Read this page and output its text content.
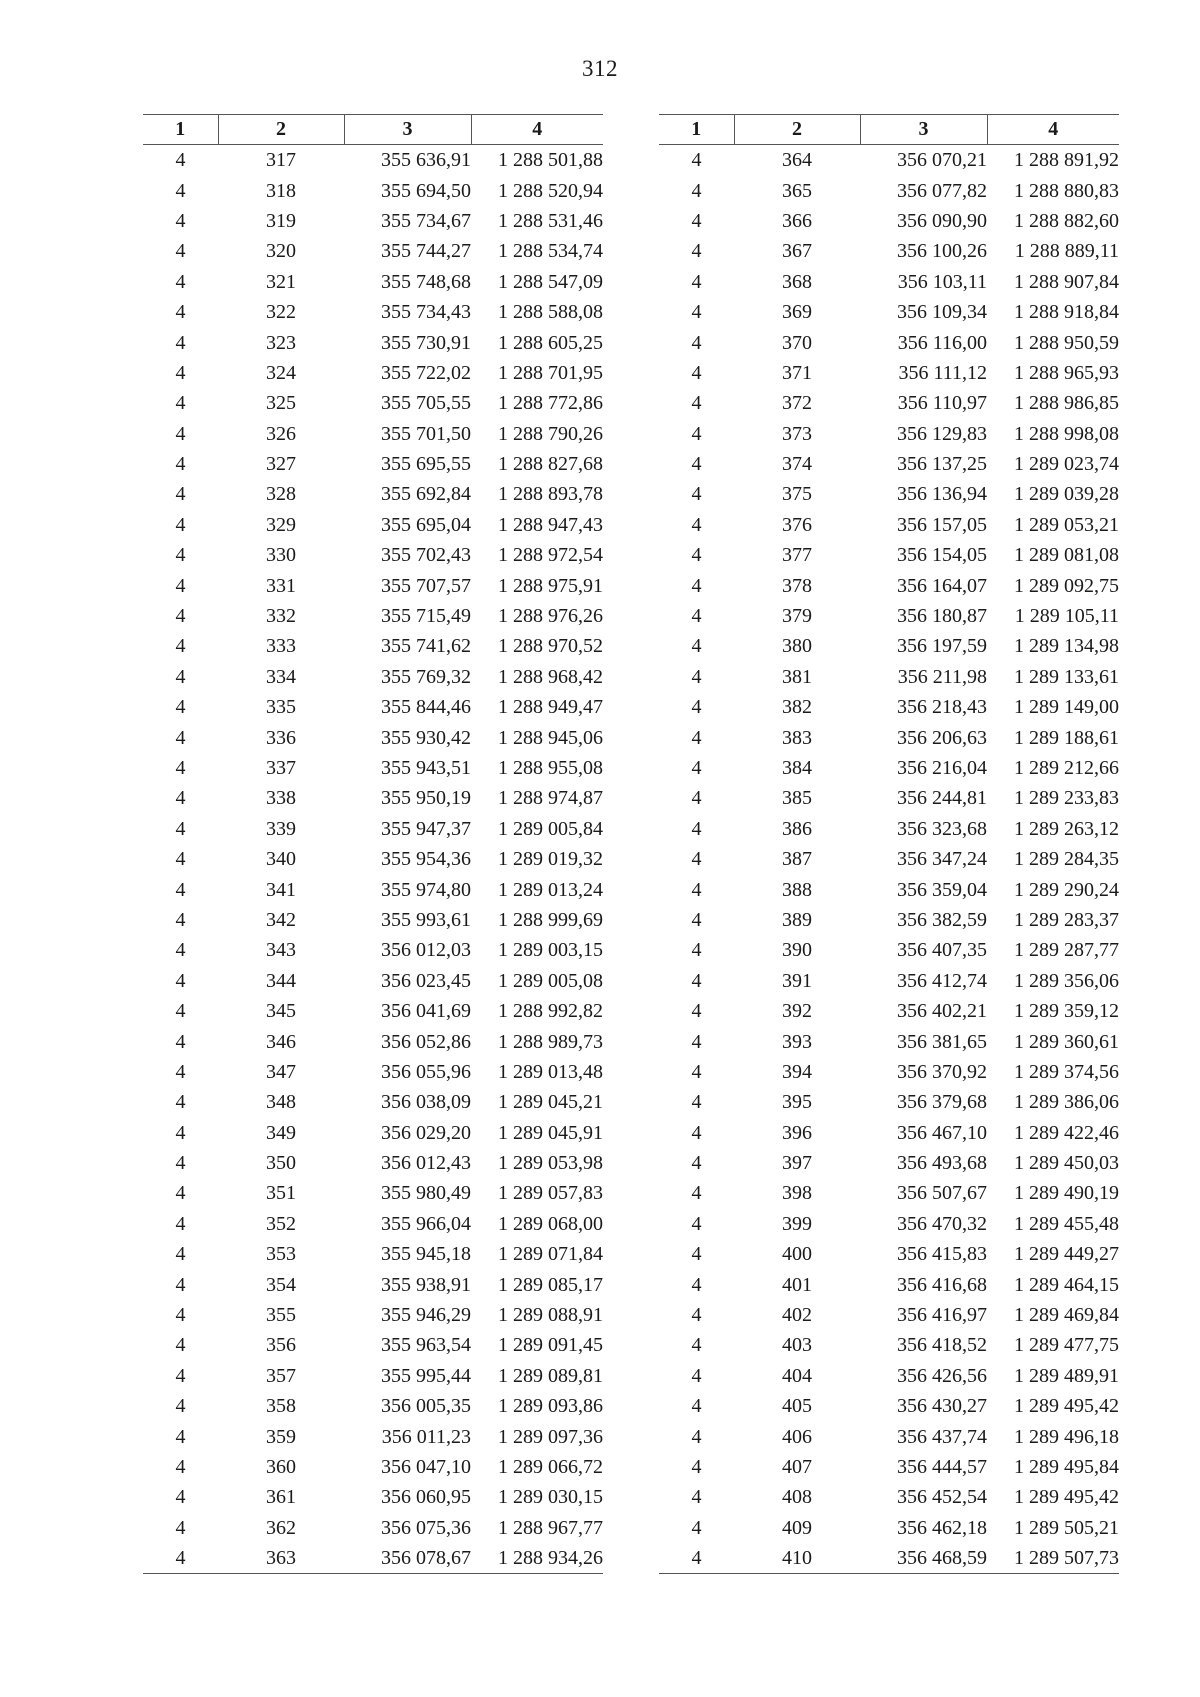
312
1	2	3	4
4	317	355 636,91	1 288 501,88
4	318	355 694,50	1 288 520,94
4	319	355 734,67	1 288 531,46
4	320	355 744,27	1 288 534,74
4	321	355 748,68	1 288 547,09
4	322	355 734,43	1 288 588,08
4	323	355 730,91	1 288 605,25
4	324	355 722,02	1 288 701,95
4	325	355 705,55	1 288 772,86
4	326	355 701,50	1 288 790,26
4	327	355 695,55	1 288 827,68
4	328	355 692,84	1 288 893,78
4	329	355 695,04	1 288 947,43
4	330	355 702,43	1 288 972,54
4	331	355 707,57	1 288 975,91
4	332	355 715,49	1 288 976,26
4	333	355 741,62	1 288 970,52
4	334	355 769,32	1 288 968,42
4	335	355 844,46	1 288 949,47
4	336	355 930,42	1 288 945,06
4	337	355 943,51	1 288 955,08
4	338	355 950,19	1 288 974,87
4	339	355 947,37	1 289 005,84
4	340	355 954,36	1 289 019,32
4	341	355 974,80	1 289 013,24
4	342	355 993,61	1 288 999,69
4	343	356 012,03	1 289 003,15
4	344	356 023,45	1 289 005,08
4	345	356 041,69	1 288 992,82
4	346	356 052,86	1 288 989,73
4	347	356 055,96	1 289 013,48
4	348	356 038,09	1 289 045,21
4	349	356 029,20	1 289 045,91
4	350	356 012,43	1 289 053,98
4	351	355 980,49	1 289 057,83
4	352	355 966,04	1 289 068,00
4	353	355 945,18	1 289 071,84
4	354	355 938,91	1 289 085,17
4	355	355 946,29	1 289 088,91
4	356	355 963,54	1 289 091,45
4	357	355 995,44	1 289 089,81
4	358	356 005,35	1 289 093,86
4	359	356 011,23	1 289 097,36
4	360	356 047,10	1 289 066,72
4	361	356 060,95	1 289 030,15
4	362	356 075,36	1 288 967,77
4	363	356 078,67	1 288 934,26
1	2	3	4
4	364	356 070,21	1 288 891,92
4	365	356 077,82	1 288 880,83
4	366	356 090,90	1 288 882,60
4	367	356 100,26	1 288 889,11
4	368	356 103,11	1 288 907,84
4	369	356 109,34	1 288 918,84
4	370	356 116,00	1 288 950,59
4	371	356 111,12	1 288 965,93
4	372	356 110,97	1 288 986,85
4	373	356 129,83	1 288 998,08
4	374	356 137,25	1 289 023,74
4	375	356 136,94	1 289 039,28
4	376	356 157,05	1 289 053,21
4	377	356 154,05	1 289 081,08
4	378	356 164,07	1 289 092,75
4	379	356 180,87	1 289 105,11
4	380	356 197,59	1 289 134,98
4	381	356 211,98	1 289 133,61
4	382	356 218,43	1 289 149,00
4	383	356 206,63	1 289 188,61
4	384	356 216,04	1 289 212,66
4	385	356 244,81	1 289 233,83
4	386	356 323,68	1 289 263,12
4	387	356 347,24	1 289 284,35
4	388	356 359,04	1 289 290,24
4	389	356 382,59	1 289 283,37
4	390	356 407,35	1 289 287,77
4	391	356 412,74	1 289 356,06
4	392	356 402,21	1 289 359,12
4	393	356 381,65	1 289 360,61
4	394	356 370,92	1 289 374,56
4	395	356 379,68	1 289 386,06
4	396	356 467,10	1 289 422,46
4	397	356 493,68	1 289 450,03
4	398	356 507,67	1 289 490,19
4	399	356 470,32	1 289 455,48
4	400	356 415,83	1 289 449,27
4	401	356 416,68	1 289 464,15
4	402	356 416,97	1 289 469,84
4	403	356 418,52	1 289 477,75
4	404	356 426,56	1 289 489,91
4	405	356 430,27	1 289 495,42
4	406	356 437,74	1 289 496,18
4	407	356 444,57	1 289 495,84
4	408	356 452,54	1 289 495,42
4	409	356 462,18	1 289 505,21
4	410	356 468,59	1 289 507,73
